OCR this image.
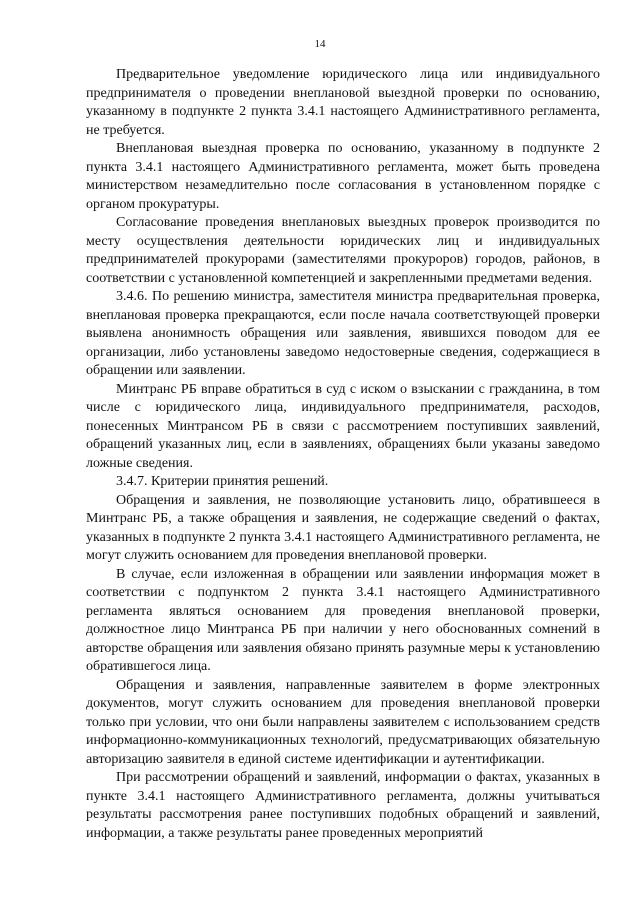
14

Предварительное уведомление юридического лица или индивидуального предпринимателя о проведении внеплановой выездной проверки по основанию, указанному в подпункте 2 пункта 3.4.1 настоящего Административного регламента, не требуется.

Внеплановая выездная проверка по основанию, указанному в подпункте 2 пункта 3.4.1 настоящего Административного регламента, может быть проведена министерством незамедлительно после согласования в установленном порядке с органом прокуратуры.

Согласование проведения внеплановых выездных проверок производится по месту осуществления деятельности юридических лиц и индивидуальных предпринимателей прокурорами (заместителями прокуроров) городов, районов, в соответствии с установленной компетенцией и закрепленными предметами ведения.

3.4.6. По решению министра, заместителя министра предварительная проверка, внеплановая проверка прекращаются, если после начала соответствующей проверки выявлена анонимность обращения или заявления, явившихся поводом для ее организации, либо установлены заведомо недостоверные сведения, содержащиеся в обращении или заявлении.

Минтранс РБ вправе обратиться в суд с иском о взыскании с гражданина, в том числе с юридического лица, индивидуального предпринимателя, расходов, понесенных Минтрансом РБ в связи с рассмотрением поступивших заявлений, обращений указанных лиц, если в заявлениях, обращениях были указаны заведомо ложные сведения.

3.4.7. Критерии принятия решений.

Обращения и заявления, не позволяющие установить лицо, обратившееся в Минтранс РБ, а также обращения и заявления, не содержащие сведений о фактах, указанных в подпункте 2 пункта 3.4.1 настоящего Административного регламента, не могут служить основанием для проведения внеплановой проверки.

В случае, если изложенная в обращении или заявлении информация может в соответствии с подпунктом 2 пункта 3.4.1 настоящего Административного регламента являться основанием для проведения внеплановой проверки, должностное лицо Минтранса РБ при наличии у него обоснованных сомнений в авторстве обращения или заявления обязано принять разумные меры к установлению обратившегося лица.

Обращения и заявления, направленные заявителем в форме электронных документов, могут служить основанием для проведения внеплановой проверки только при условии, что они были направлены заявителем с использованием средств информационно-коммуникационных технологий, предусматривающих обязательную авторизацию заявителя в единой системе идентификации и аутентификации.

При рассмотрении обращений и заявлений, информации о фактах, указанных в пункте 3.4.1 настоящего Административного регламента, должны учитываться результаты рассмотрения ранее поступивших подобных обращений и заявлений, информации, а также результаты ранее проведенных мероприятий
